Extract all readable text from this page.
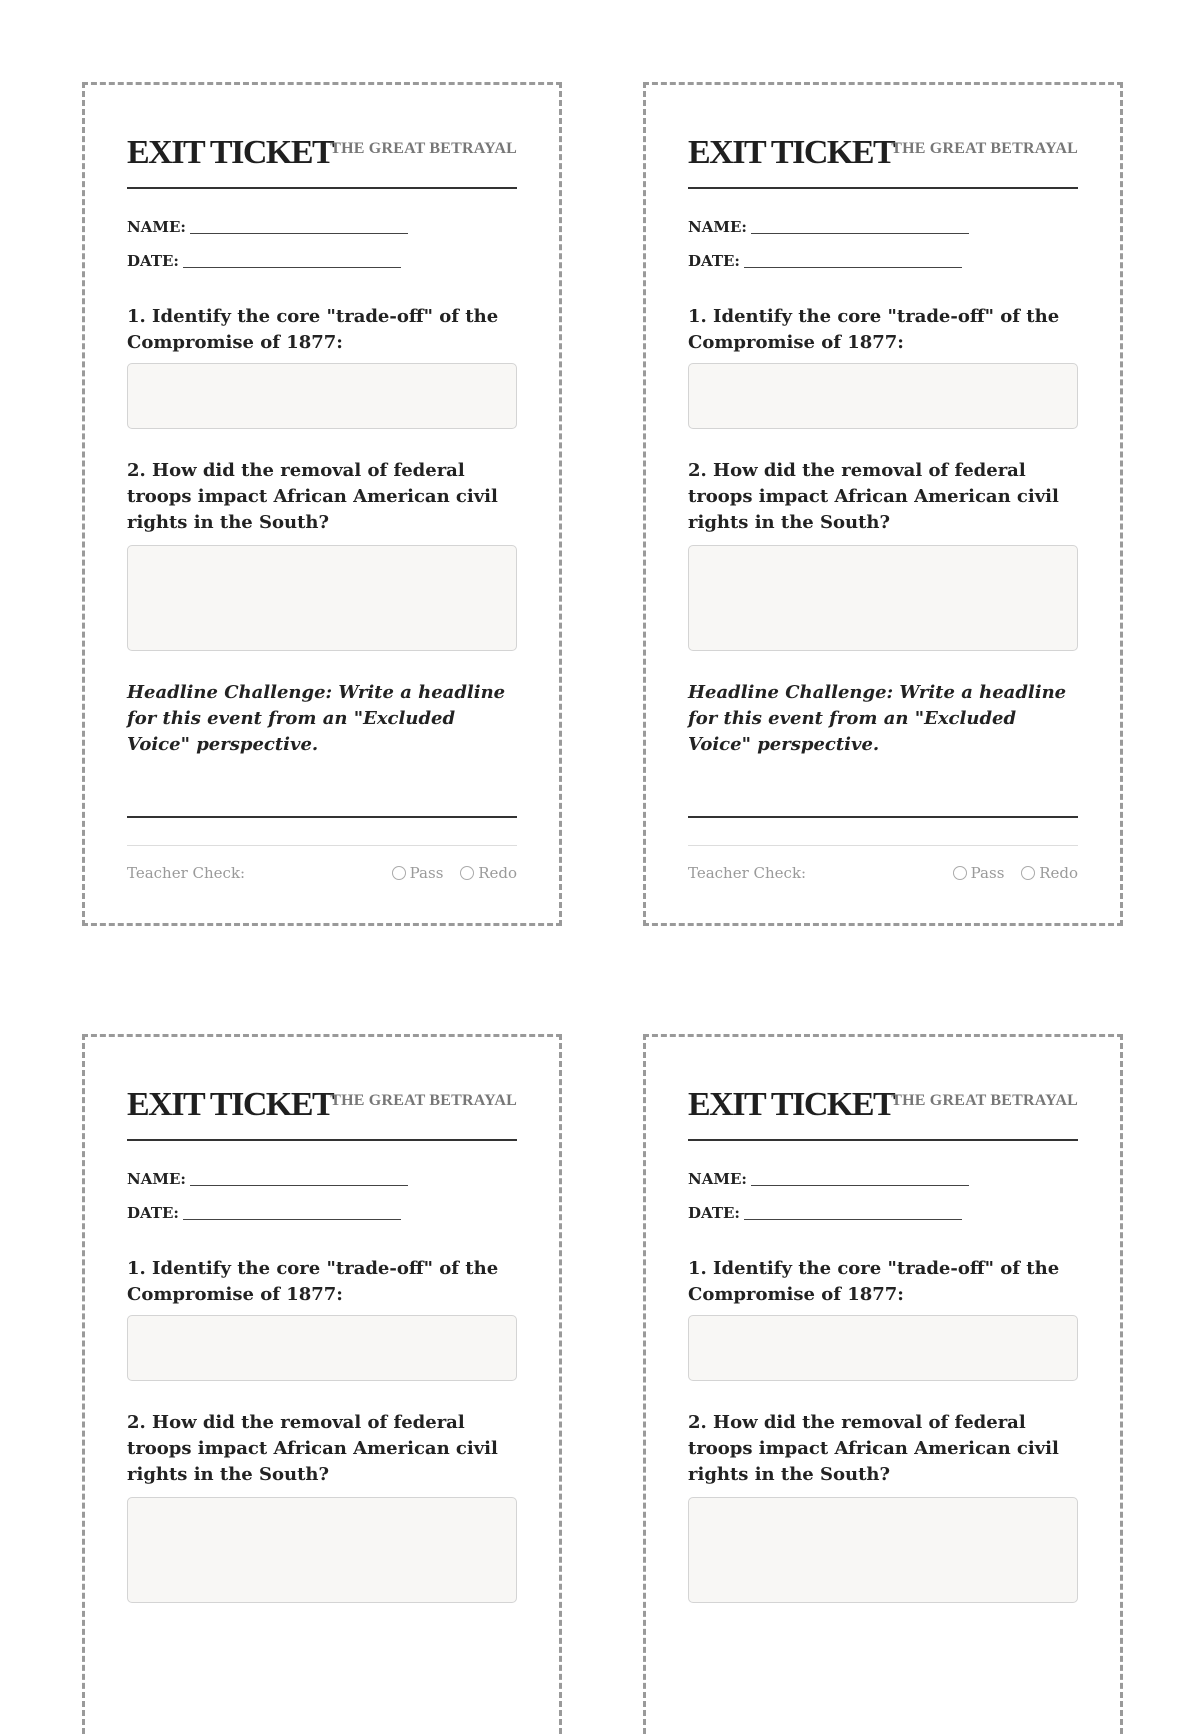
EXIT TICKET
THE GREAT BETRAYAL
NAME:
DATE:
1. Identify the core "trade-off" of the Compromise of 1877:
2. How did the removal of federal troops impact African American civil rights in the South?
Headline Challenge: Write a headline for this event from an "Excluded Voice" perspective.
Teacher Check:	Pass Redo
EXIT TICKET
THE GREAT BETRAYAL
NAME:
DATE:
1. Identify the core "trade-off" of the Compromise of 1877:
2. How did the removal of federal troops impact African American civil rights in the South?
Headline Challenge: Write a headline for this event from an "Excluded Voice" perspective.
Teacher Check:	Pass Redo
EXIT TICKET
THE GREAT BETRAYAL
NAME:
DATE:
1. Identify the core "trade-off" of the Compromise of 1877:
2. How did the removal of federal troops impact African American civil rights in the South?
EXIT TICKET
THE GREAT BETRAYAL
NAME:
DATE:
1. Identify the core "trade-off" of the Compromise of 1877:
2. How did the removal of federal troops impact African American civil rights in the South?
